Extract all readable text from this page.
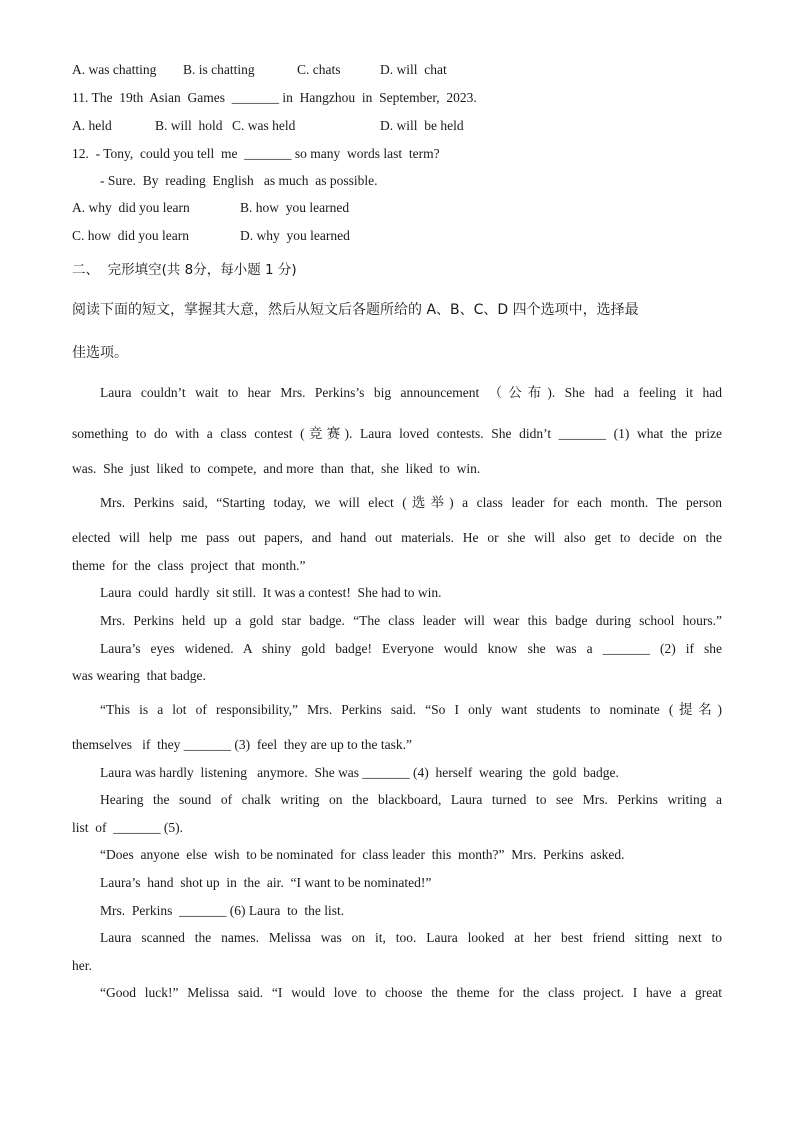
A. was chatting B. is chatting	C. chats	D. will  chat
11. The  19th  Asian  Games  _______ in  Hangzhou  in  September,  2023.
A. held	B. will  hold C. was held	D. will  be held
12.  - Tony,  could you tell  me  _______ so many  words last  term?
- Sure.  By  reading  English   as much  as possible.
A. why  did you learn	B. how  you learned
C. how  did you learn	D. why  you learned
二、  完形填空(共 8分，每小题 1 分)
阅读下面的短文，掌握其大意，然后从短文后各题所给的 A、B、C、D 四个选项中，选择最
佳选项。
Laura couldn’t wait to hear Mrs. Perkins’s big announcement （公布). She had a feeling it had
something to do with a class contest (竞赛). Laura loved contests. She didn’t _______ (1) what the prize
was.  She  just  liked  to  compete,  and more  than  that,  she  liked  to  win.
Mrs. Perkins said, “Starting today, we will elect (选举) a class leader for each month. The person
elected will help me pass out papers, and hand out materials. He or she will also get to decide on the
theme  for  the  class  project  that  month.”
Laura  could  hardly  sit still.  It was a contest!  She had to win.
Mrs. Perkins held up a gold star badge. “The class leader will wear this badge during school hours.”
Laura’s eyes widened. A shiny gold badge! Everyone would know she was a _______ (2) if she
was wearing  that badge.
“This is a lot of responsibility,” Mrs. Perkins said. “So I only want students to nominate (提名)
themselves   if  they _______ (3)  feel  they are up to the task.”
Laura was hardly  listening   anymore.  She was _______ (4)  herself  wearing  the  gold  badge.
Hearing the sound of chalk writing on the blackboard, Laura turned to see Mrs. Perkins writing a
list  of  _______ (5).
“Does  anyone  else  wish  to be nominated  for  class leader  this  month?”  Mrs.  Perkins  asked.
Laura’s  hand  shot up  in  the  air.  “I want to be nominated!”
Mrs.  Perkins  _______ (6) Laura  to  the list.
Laura scanned the names. Melissa was on it, too. Laura looked at her best friend sitting next to
her.
“Good luck!” Melissa said. “I would love to choose the theme for the class project. I have a great
